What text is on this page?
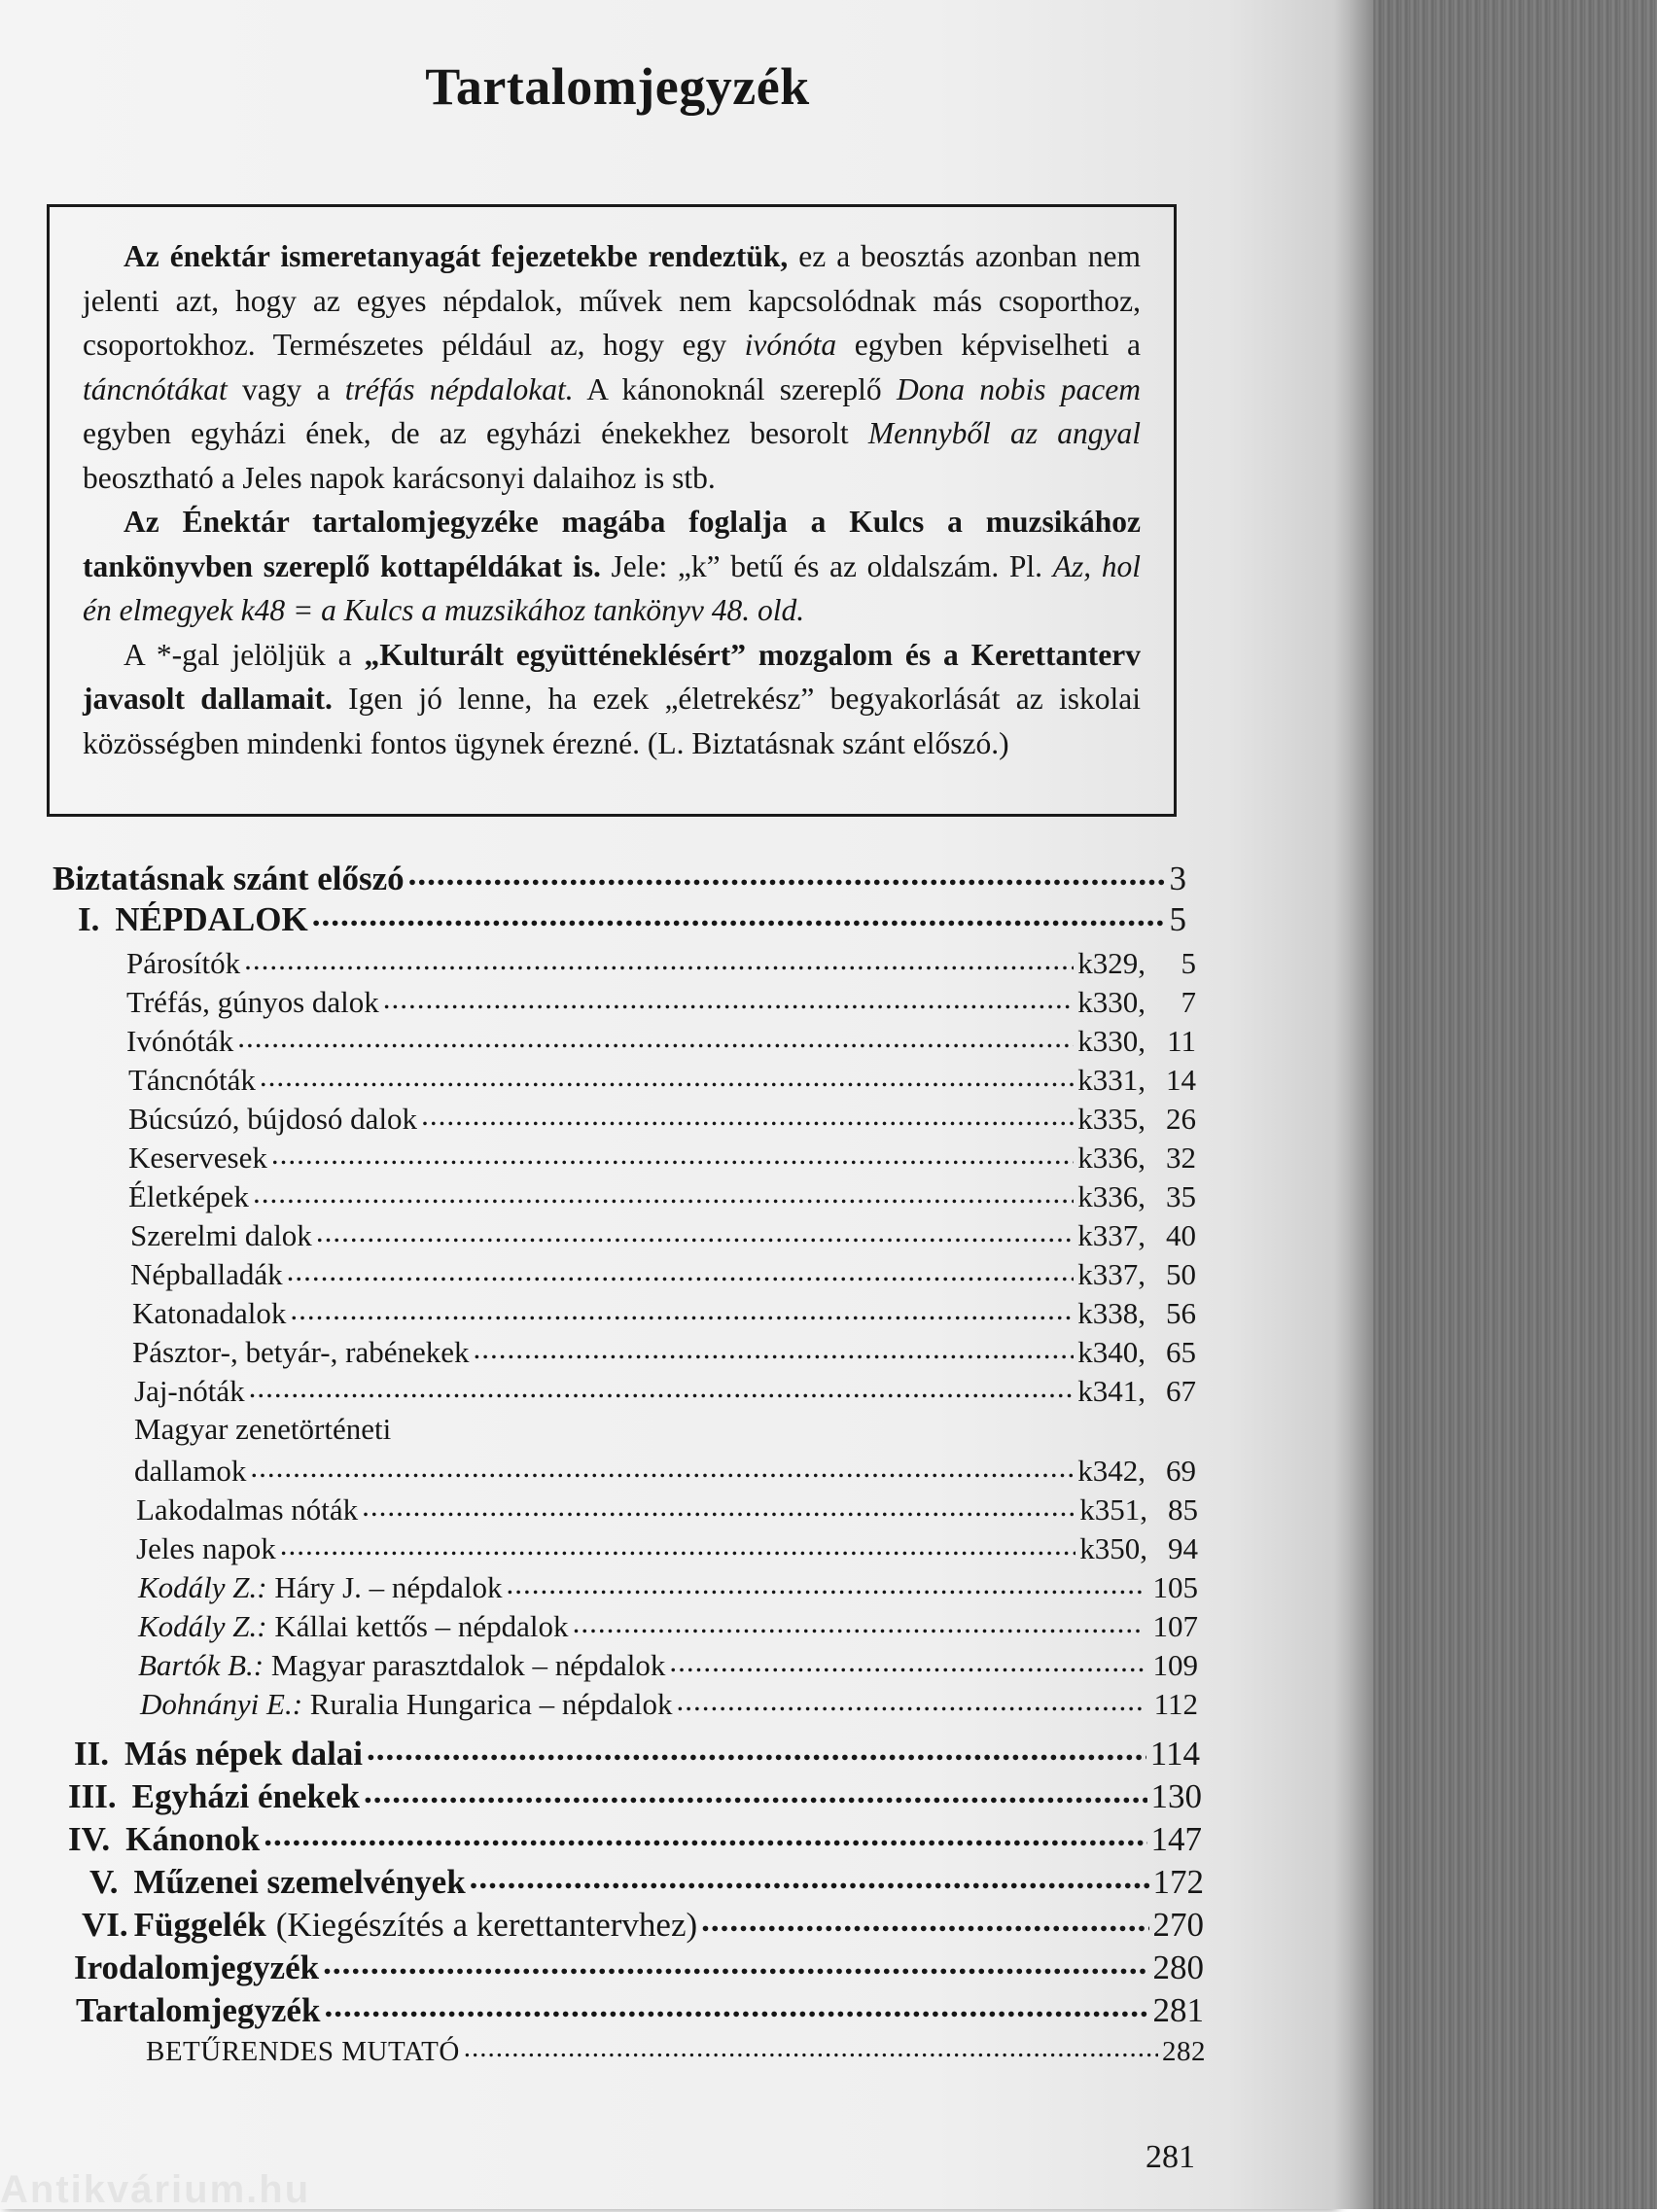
Tartalomjegyzék

Az énektár ismeretanyagát fejezetekbe rendeztük, ez a beosztás azonban nem jelenti azt, hogy az egyes népdalok, művek nem kapcsolódnak más csoporthoz, csoportokhoz. Természetes például az, hogy egy ivónóta egyben képviselheti a táncnótákat vagy a tréfás népdalokat. A kánonoknál szereplő Dona nobis pacem egyben egyházi ének, de az egyházi énekekhez besorolt Mennyből az angyal beosztható a Jeles napok karácsonyi dalaihoz is stb.

Az Énektár tartalomjegyzéke magába foglalja a Kulcs a muzsikához tankönyvben szereplő kottapéldákat is. Jele: „k” betű és az oldalszám. Pl. Az, hol én elmegyek k48 = a Kulcs a muzsikához tankönyv 48. old.

A *-gal jelöljük a „Kulturált együtténeklésért” mozgalom és a Kerettanterv javasolt dallamait. Igen jó lenne, ha ezek „életrekész” begyakorlását az iskolai közösségben mindenki fontos ügynek érezné. (L. Biztatásnak szánt előszó.)

Biztatásnak szánt előszó .....	3
I. NÉPDALOK .....	5
Párosítók .....	k329,	5
Tréfás, gúnyos dalok .....	k330,	7
Ivónóták .....	k330, 11
Táncnóták .....	k331, 14
Búcsúzó, bújdosó dalok .....	k335, 26
Keservesek .....	k336, 32
Életképek .....	k336, 35
Szerelmi dalok .....	k337, 40
Népballadák .....	k337, 50
Katonadalok .....	k338, 56
Pásztor-, betyár-, rabénekek .....	k340, 65
Jaj-nóták .....	k341, 67
Magyar zenetörténeti
dallamok .....	k342, 69
Lakodalmas nóták .....	k351, 85
Jeles napok .....	k350, 94
Kodály Z.: Háry J. – népdalok .....	105
Kodály Z.: Kállai kettős – népdalok .....	107
Bartók B.: Magyar parasztdalok – népdalok .....	109
Dohnányi E.: Ruralia Hungarica – népdalok .....	112
II. Más népek dalai .....	114
III. Egyházi énekek .....	130
IV. Kánonok .....	147
V. Műzenei szemelvények .....	172
VI. Függelék (Kiegészítés a kerettantervhez) .....	270
Irodalomjegyzék .....	280
Tartalomjegyzék .....	281
BETŰRENDES MUTATÓ .....	282
281
Antikvárium.hu
